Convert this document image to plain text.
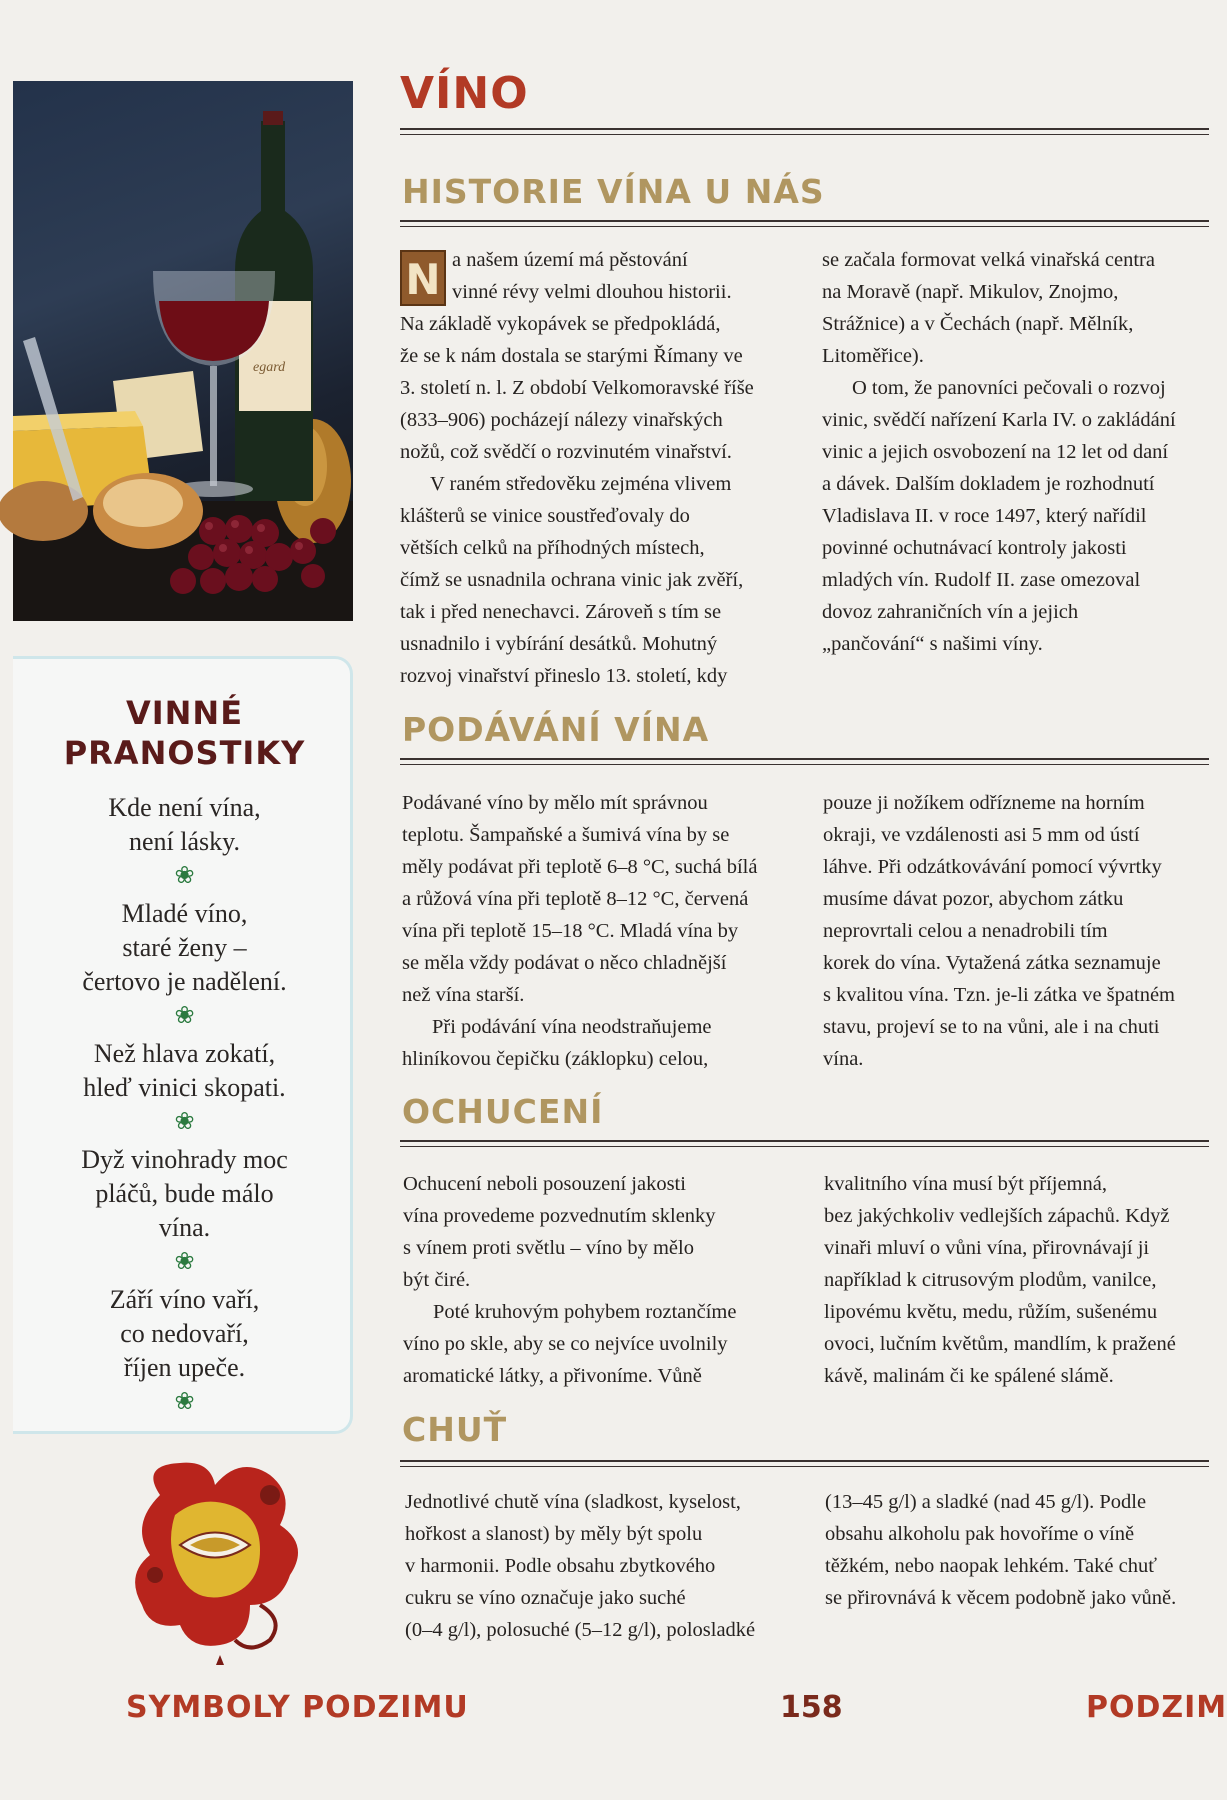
egard
VINNÉ
PRANOSTIKY

Kde není vína,

není lásky.

❀

Mladé víno,

staré ženy –

čertovo je nadělení.

❀

Než hlava zokatí,

hleď vinici skopati.

❀

Dyž vinohrady moc

pláčů, bude málo

vína.

❀

Září víno vaří,

co nedovaří,

říjen upeče.

❀

VÍNO
HISTORIE VÍNA U NÁS
N a našem území má pěstování

vinné révy velmi dlouhou historii.

Na základě vykopávek se předpokládá,

že se k nám dostala se starými Římany ve

3. století n. l. Z období Velkomoravské říše

(833–906) pocházejí nálezy vinařských

nožů, což svědčí o rozvinutém vinařství.

V raném středověku zejména vlivem

klášterů se vinice soustřeďovaly do

větších celků na příhodných místech,

čímž se usnadnila ochrana vinic jak zvěří,

tak i před nenechavci. Zároveň s tím se

usnadnilo i vybírání desátků. Mohutný

rozvoj vinařství přineslo 13. století, kdy

se začala formovat velká vinařská centra

na Moravě (např. Mikulov, Znojmo,

Strážnice) a v Čechách (např. Mělník,

Litoměřice).

O tom, že panovníci pečovali o rozvoj

vinic, svědčí nařízení Karla IV. o zakládání

vinic a jejich osvobození na 12 let od daní

a dávek. Dalším dokladem je rozhodnutí

Vladislava II. v roce 1497, který nařídil

povinné ochutnávací kontroly jakosti

mladých vín. Rudolf II. zase omezoval

dovoz zahraničních vín a jejich

„pančování“ s našimi víny.

PODÁVÁNÍ VÍNA

Podávané víno by mělo mít správnou

teplotu. Šampaňské a šumivá vína by se

měly podávat při teplotě 6–8 °C, suchá bílá

a růžová vína při teplotě 8–12 °C, červená

vína při teplotě 15–18 °C. Mladá vína by

se měla vždy podávat o něco chladnější

než vína starší.

Při podávání vína neodstraňujeme

hliníkovou čepičku (záklopku) celou,

pouze ji nožíkem odřízneme na horním

okraji, ve vzdálenosti asi 5 mm od ústí

láhve. Při odzátkovávání pomocí vývrtky

musíme dávat pozor, abychom zátku

neprovrtali celou a nenadrobili tím

korek do vína. Vytažená zátka seznamuje

s kvalitou vína. Tzn. je-li zátka ve špatném

stavu, projeví se to na vůni, ale i na chuti

vína.

OCHUCENÍ

Ochucení neboli posouzení jakosti

vína provedeme pozvednutím sklenky

s vínem proti světlu – víno by mělo

být čiré.

Poté kruhovým pohybem roztančíme

víno po skle, aby se co nejvíce uvolnily

aromatické látky, a přivoníme. Vůně

kvalitního vína musí být příjemná,

bez jakýchkoliv vedlejších zápachů. Když

vinaři mluví o vůni vína, přirovnávají ji

například k citrusovým plodům, vanilce,

lipovému květu, medu, růžím, sušenému

ovoci, lučním květům, mandlím, k pražené

kávě, malinám či ke spálené slámě.

CHUŤ

Jednotlivé chutě vína (sladkost, kyselost,

hořkost a slanost) by měly být spolu

v harmonii. Podle obsahu zbytkového

cukru se víno označuje jako suché

(0–4 g/l), polosuché (5–12 g/l), polosladké

(13–45 g/l) a sladké (nad 45 g/l). Podle

obsahu alkoholu pak hovoříme o víně

těžkém, nebo naopak lehkém. Také chuť

se přirovnává k věcem podobně jako vůně.

SYMBOLY PODZIMU	158	PODZIM
